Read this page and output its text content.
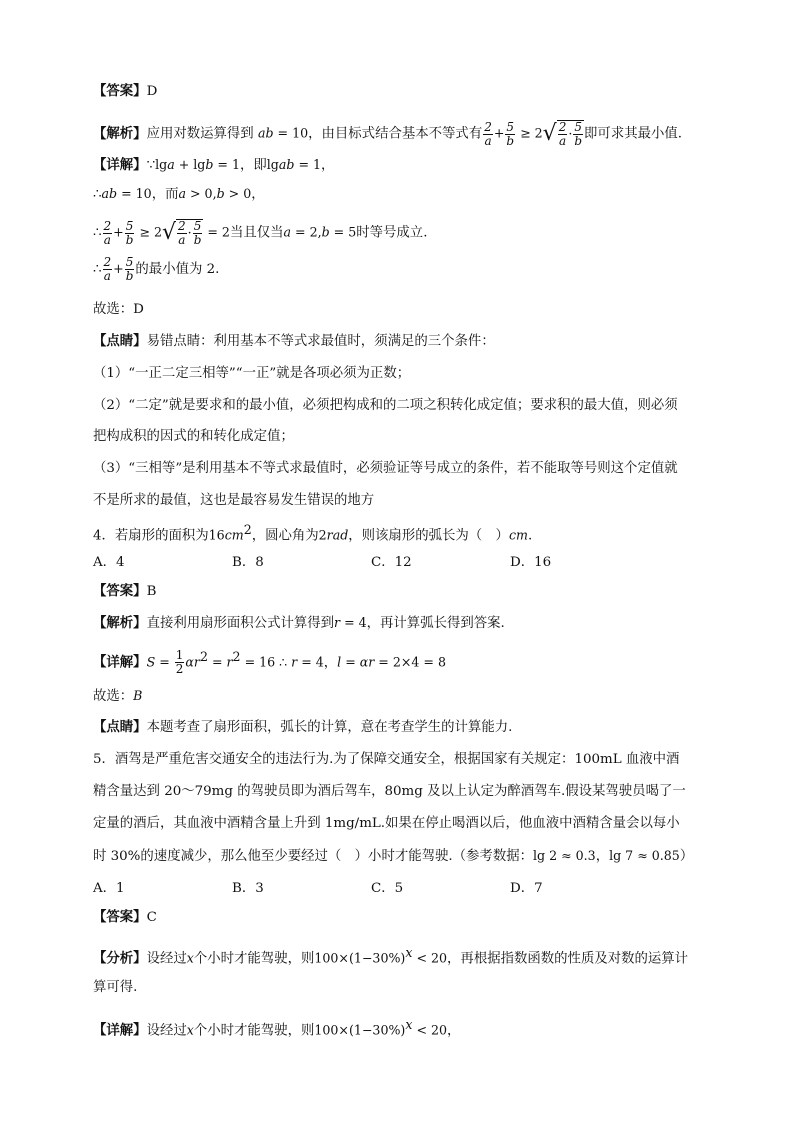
【 答案 】 D
【 解析 】 应用对数运算得到 ab = 10，由目标式结合基本不等式有 $\frac{2}{a} + \frac{5}{b} \ge 2√ \frac{2}{a} \cdot \frac{5}{b}$ 即可求其最小值.
【 详解 】 ∵lga + lgb = 1，即lgab = 1，
∴ab = 10，而a > 0,b > 0，
∴ $\frac{2}{a} + \frac{5}{b} \ge 2√ \frac{2}{a} \cdot \frac{5}{b} = 2$当且仅当a = 2,b = 5时等号成立.
∴ $\frac{2}{a} + \frac{5}{b}$ 的最小值为 2.
故选：D
【 点睛 】 易错点睛：利用基本不等式求最值时，须满足的三个条件：
（1）“一正二定三相等”“一正”就是各项必须为正数；
（2）“二定”就是要求和的最小值，必须把构成和的二项之积转化成定值；要求积的最大值，则必须
把构成积的因式的和转化成定值；
（3）“三相等”是利用基本不等式求最值时，必须验证等号成立的条件，若不能取等号则这个定值就
不是所求的最值，这也是最容易发生错误的地方
4．若扇形的面积为$16cm^2$，圆心角为2rad，则该扇形的弧长为（　）cm.
A．4	B．8	C．12	D．16
【 答案 】 B
【 解析 】 直接利用扇形面积公式计算得到r = 4，再计算弧长得到答案.
【 详解 】 $S = \frac{1}{2} \alpha r^2 = r^2 = 16$ ∴ r = 4，l = αr = 2×4 = 8
故选：B
【 点睛 】 本题考查了扇形面积，弧长的计算，意在考查学生的计算能力.
5．酒驾是严重危害交通安全的违法行为.为了保障交通安全，根据国家有关规定：100mL 血液中酒
精含量达到 20～79mg 的驾驶员即为酒后驾车，80mg 及以上认定为醉酒驾车.假设某驾驶员喝了一
定量的酒后，其血液中酒精含量上升到 1mg/mL.如果在停止喝酒以后，他血液中酒精含量会以每小
时 30%的速度减少，那么他至少要经过（　）小时才能驾驶.（参考数据：lg 2 ≈ 0.3，lg 7 ≈ 0.85）
A．1	B．3	C．5	D．7
【 答案 】 C
【 分析 】 设经过x个小时才能驾驶，则$100\times(1-30\%)^x < 20$，再根据指数函数的性质及对数的运算计
算可得.
【 详解 】 设经过x个小时才能驾驶，则$100\times(1-30\%)^x < 20$，
